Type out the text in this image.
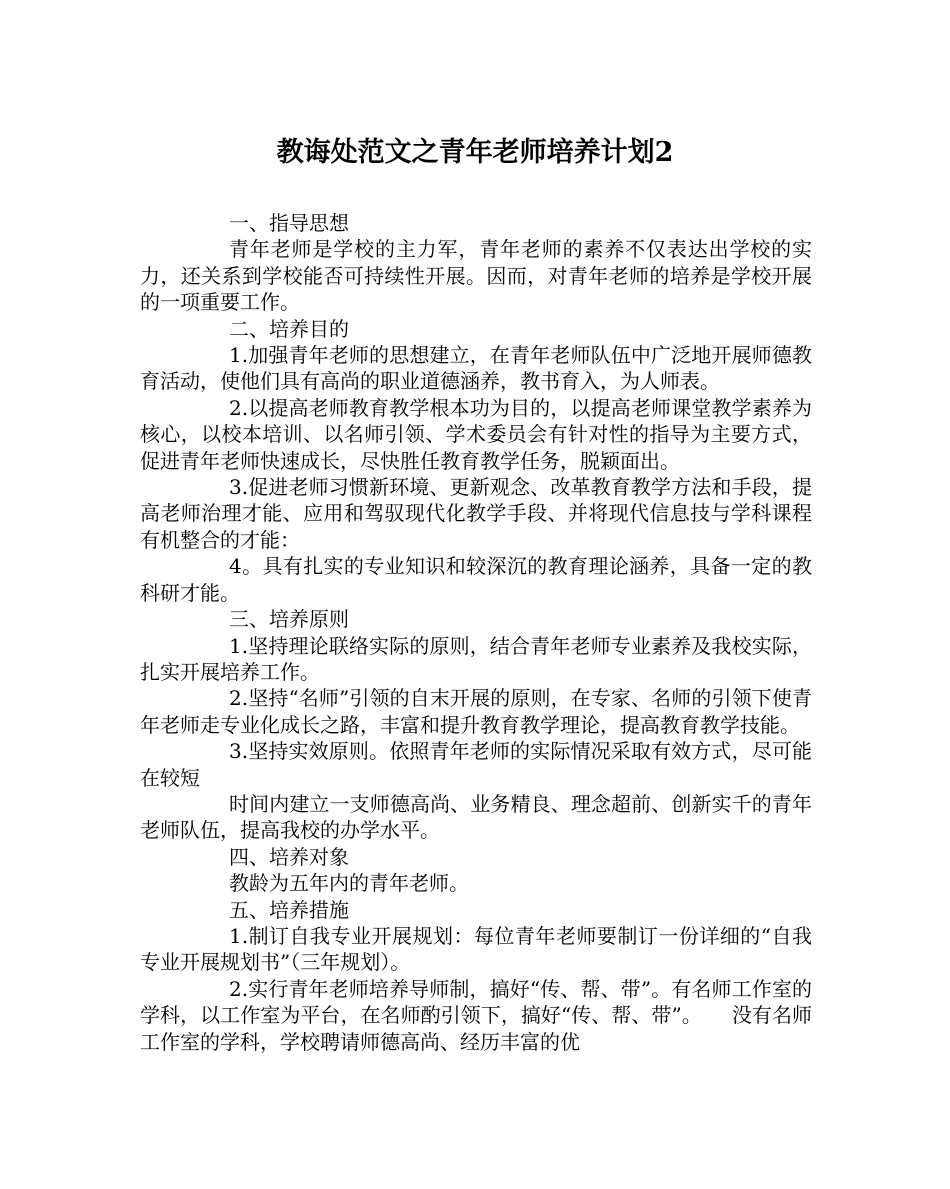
教诲处范文之青年老师培养计划2

一、指导思想

青年老师是学校的主力军，青年老师的素养不仅表达出学校的实力，还关系到学校能否可持续性开展。因而，对青年老师的培养是学校开展的一项重要工作。

二、培养目的

1.加强青年老师的思想建立，在青年老师队伍中广泛地开展师德教育活动，使他们具有高尚的职业道德涵养，教书育入，为人师表。

2.以提高老师教育教学根本功为目的，以提高老师课堂教学素养为核心，以校本培训、以名师引领、学术委员会有针对性的指导为主要方式，促进青年老师快速成长，尽快胜任教育教学任务，脱颖面出。

3.促进老师习惯新环境、更新观念、改革教育教学方法和手段，提高老师治理才能、应用和驾驭现代化教学手段、并将现代信息技与学科课程有机整合的才能：

4。具有扎实的专业知识和较深沉的教育理论涵养，具备一定的教科研才能。

三、培养原则

1.坚持理论联络实际的原则，结合青年老师专业素养及我校实际，扎实开展培养工作。

2.坚持“名师”引领的自末开展的原则，在专家、名师的引领下使青年老师走专业化成长之路，丰富和提升教育教学理论，提高教育教学技能。

3.坚持实效原则。依照青年老师的实际情况采取有效方式，尽可能在较短

时间内建立一支师德高尚、业务精良、理念超前、创新实千的青年老师队伍，提高我校的办学水平。

四、培养对象

教龄为五年内的青年老师。

五、培养措施

1.制订自我专业开展规划：每位青年老师要制订一份详细的“自我专业开展规划书”（三年规划）。

2.实行青年老师培养导师制，搞好“传、帮、带”。有名师工作室的学科，以工作室为平台，在名师酌引领下，搞好“传、帮、带”。　　没有名师工作室的学科，学校聘请师德高尚、经历丰富的优
